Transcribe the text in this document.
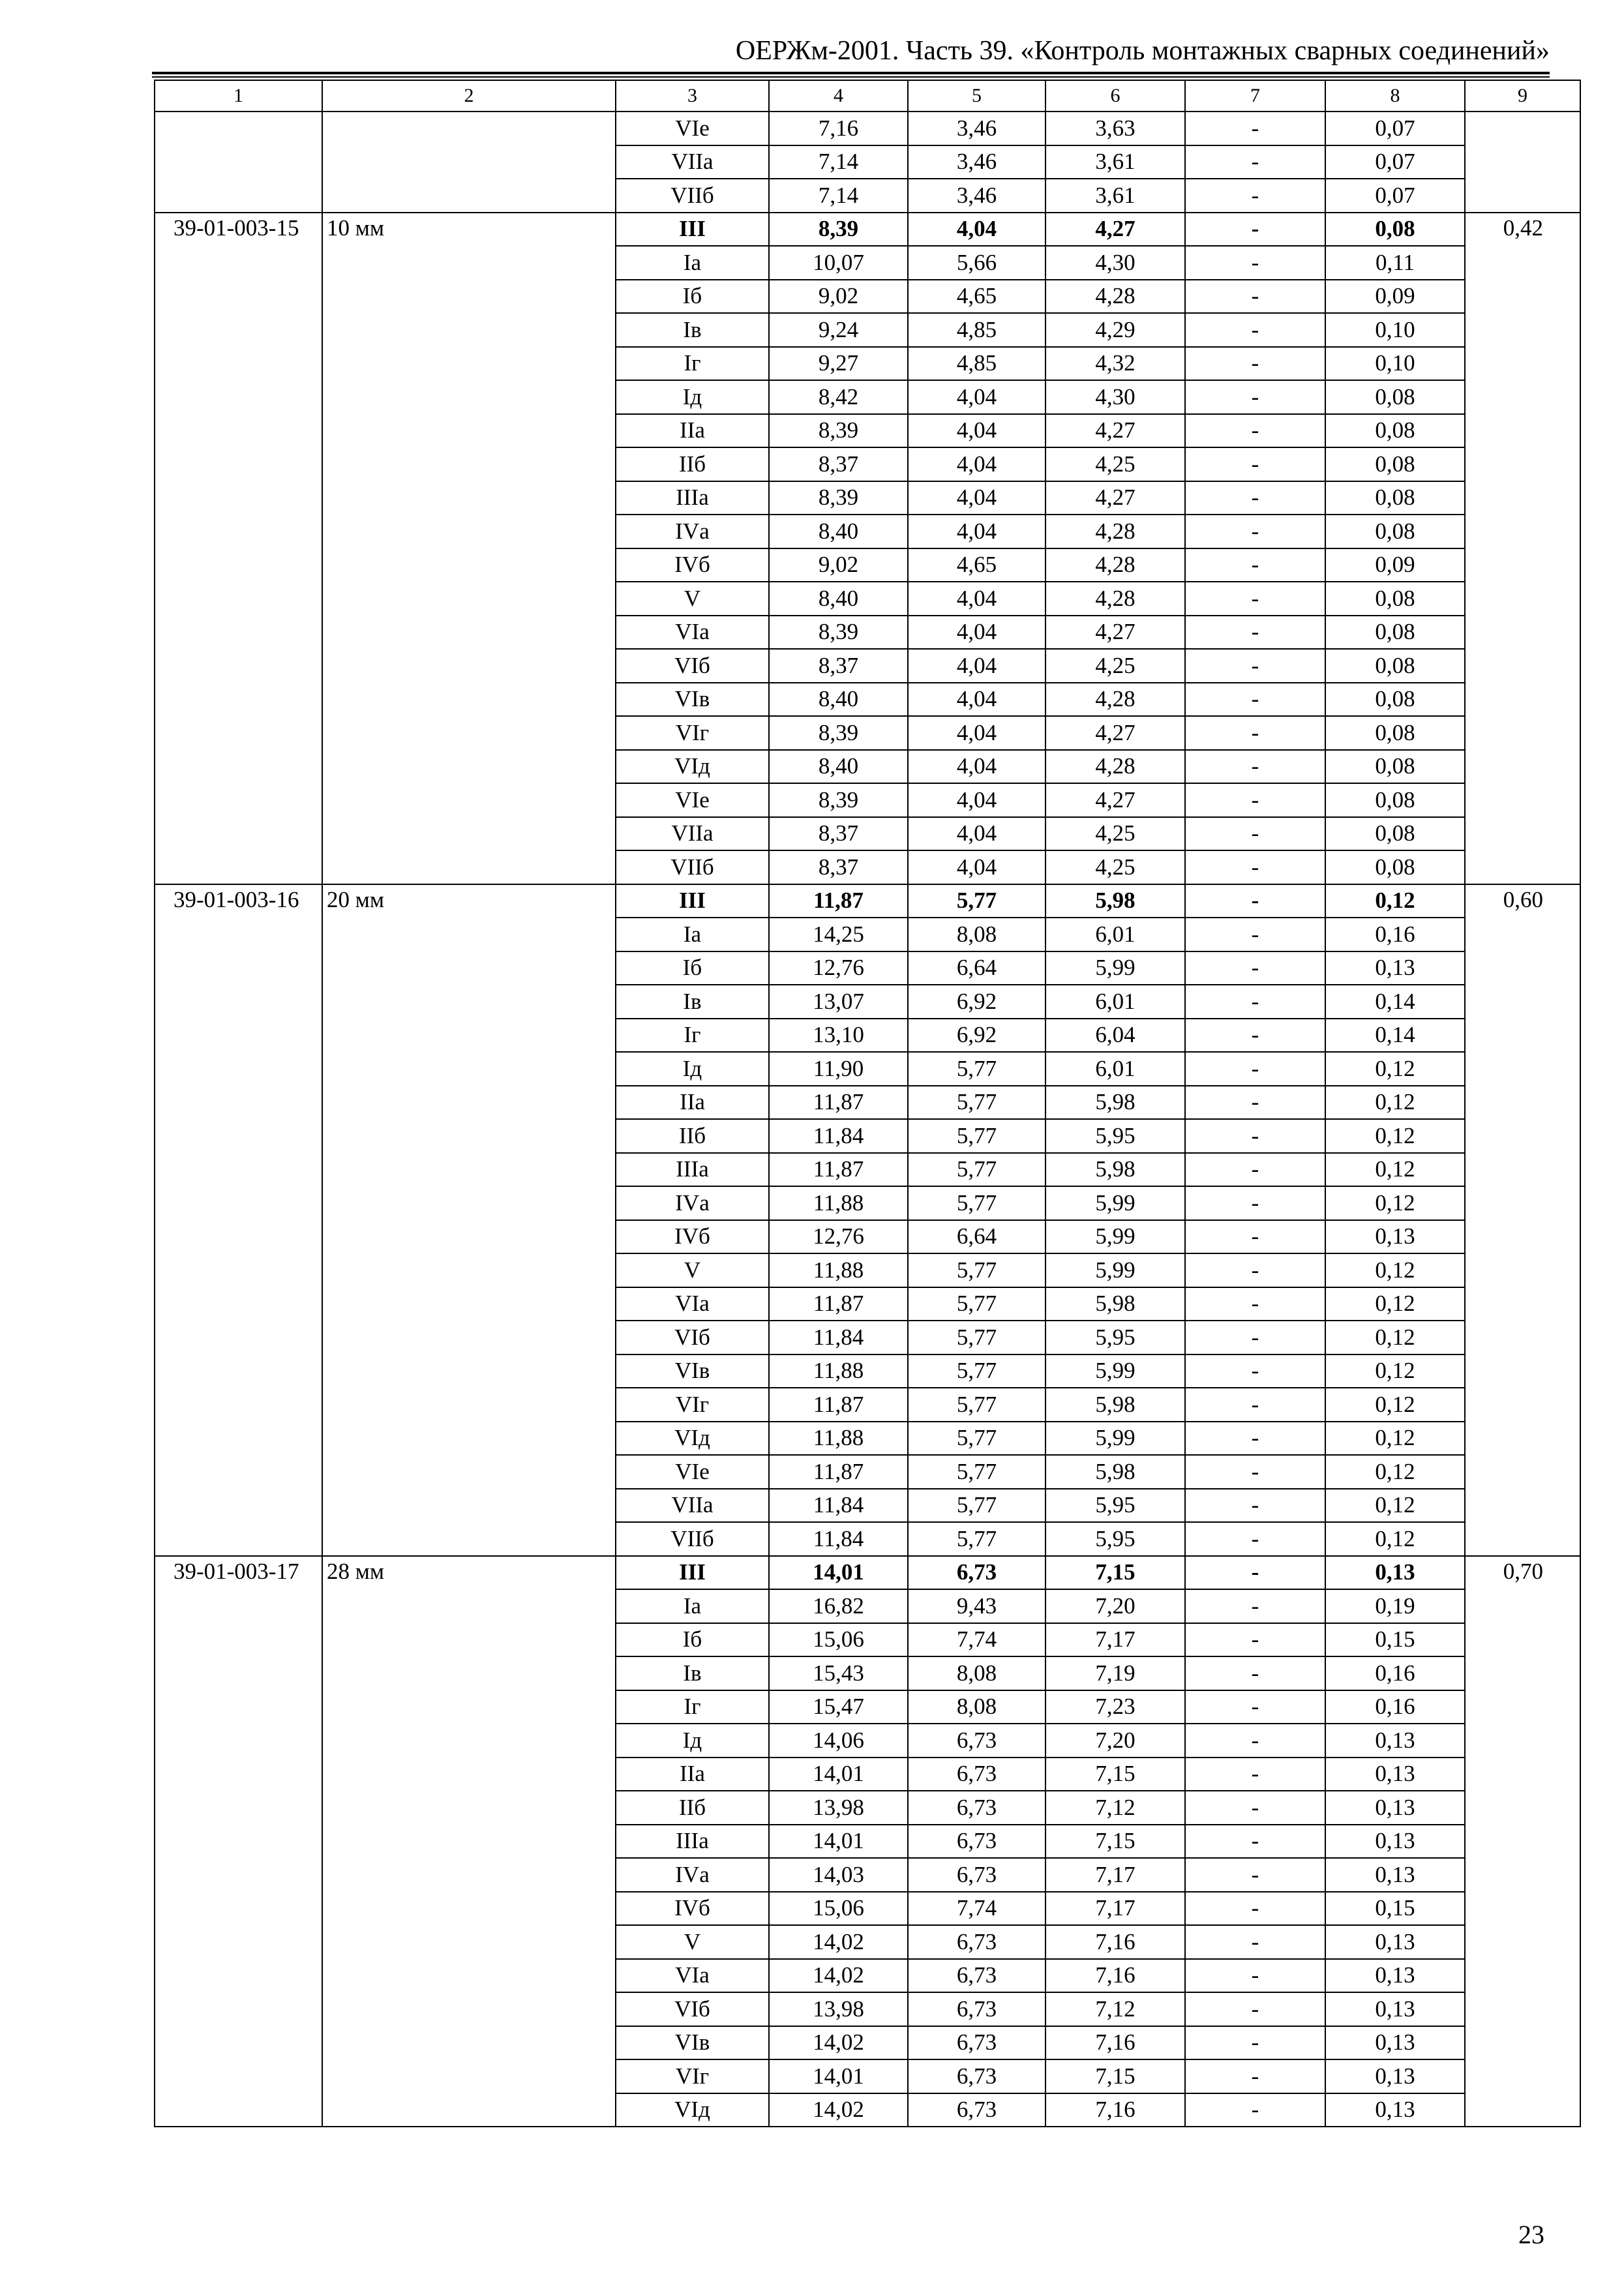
ОЕРЖм-2001. Часть 39. «Контроль монтажных сварных соединений»
1	2	3	4	5	6	7	8	9
		VIе	7,16	3,46	3,63	-	0,07	
		VIIа	7,14	3,46	3,61	-	0,07	
		VIIб	7,14	3,46	3,61	-	0,07	
39-01-003-15	10 мм	III	8,39	4,04	4,27	-	0,08	0,42
		Iа	10,07	5,66	4,30	-	0,11	
		Iб	9,02	4,65	4,28	-	0,09	
		Iв	9,24	4,85	4,29	-	0,10	
		Iг	9,27	4,85	4,32	-	0,10	
		Iд	8,42	4,04	4,30	-	0,08	
		IIа	8,39	4,04	4,27	-	0,08	
		IIб	8,37	4,04	4,25	-	0,08	
		IIIа	8,39	4,04	4,27	-	0,08	
		IVа	8,40	4,04	4,28	-	0,08	
		IVб	9,02	4,65	4,28	-	0,09	
		V	8,40	4,04	4,28	-	0,08	
		VIа	8,39	4,04	4,27	-	0,08	
		VIб	8,37	4,04	4,25	-	0,08	
		VIв	8,40	4,04	4,28	-	0,08	
		VIг	8,39	4,04	4,27	-	0,08	
		VIд	8,40	4,04	4,28	-	0,08	
		VIе	8,39	4,04	4,27	-	0,08	
		VIIа	8,37	4,04	4,25	-	0,08	
		VIIб	8,37	4,04	4,25	-	0,08	
39-01-003-16	20 мм	III	11,87	5,77	5,98	-	0,12	0,60
		Iа	14,25	8,08	6,01	-	0,16	
		Iб	12,76	6,64	5,99	-	0,13	
		Iв	13,07	6,92	6,01	-	0,14	
		Iг	13,10	6,92	6,04	-	0,14	
		Iд	11,90	5,77	6,01	-	0,12	
		IIа	11,87	5,77	5,98	-	0,12	
		IIб	11,84	5,77	5,95	-	0,12	
		IIIа	11,87	5,77	5,98	-	0,12	
		IVа	11,88	5,77	5,99	-	0,12	
		IVб	12,76	6,64	5,99	-	0,13	
		V	11,88	5,77	5,99	-	0,12	
		VIа	11,87	5,77	5,98	-	0,12	
		VIб	11,84	5,77	5,95	-	0,12	
		VIв	11,88	5,77	5,99	-	0,12	
		VIг	11,87	5,77	5,98	-	0,12	
		VIд	11,88	5,77	5,99	-	0,12	
		VIе	11,87	5,77	5,98	-	0,12	
		VIIа	11,84	5,77	5,95	-	0,12	
		VIIб	11,84	5,77	5,95	-	0,12	
39-01-003-17	28 мм	III	14,01	6,73	7,15	-	0,13	0,70
		Iа	16,82	9,43	7,20	-	0,19	
		Iб	15,06	7,74	7,17	-	0,15	
		Iв	15,43	8,08	7,19	-	0,16	
		Iг	15,47	8,08	7,23	-	0,16	
		Iд	14,06	6,73	7,20	-	0,13	
		IIа	14,01	6,73	7,15	-	0,13	
		IIб	13,98	6,73	7,12	-	0,13	
		IIIа	14,01	6,73	7,15	-	0,13	
		IVа	14,03	6,73	7,17	-	0,13	
		IVб	15,06	7,74	7,17	-	0,15	
		V	14,02	6,73	7,16	-	0,13	
		VIа	14,02	6,73	7,16	-	0,13	
		VIб	13,98	6,73	7,12	-	0,13	
		VIв	14,02	6,73	7,16	-	0,13	
		VIг	14,01	6,73	7,15	-	0,13	
		VIд	14,02	6,73	7,16	-	0,13	
23
